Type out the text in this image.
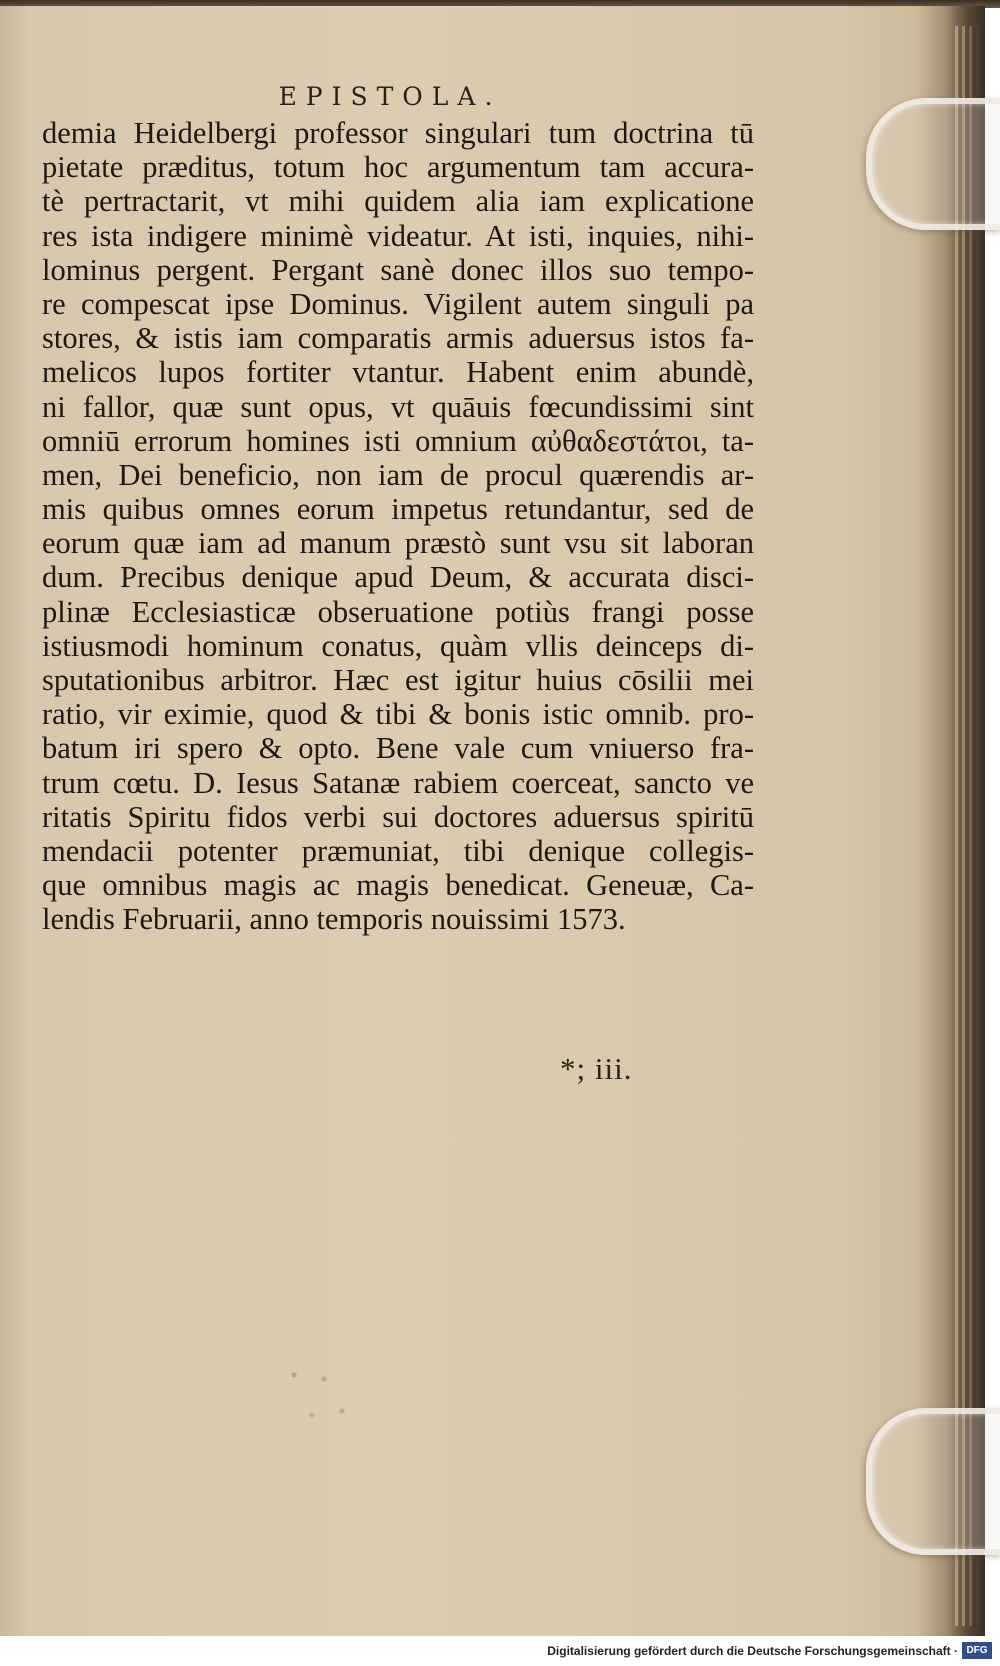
EPISTOLA.
demia Heidelbergi professor singulari tum doctrina tū
pietate præditus, totum hoc argumentum tam accura-
tè pertractarit, vt mihi quidem alia iam explicatione
res ista indigere minimè videatur. At isti, inquies, nihi-
lominus pergent. Pergant sanè donec illos suo tempo-
re compescat ipse Dominus. Vigilent autem singuli pa
stores, & istis iam comparatis armis aduersus istos fa-
melicos lupos fortiter vtantur. Habent enim abundè,
ni fallor, quæ sunt opus, vt quāuis fœcundissimi sint
omniū errorum homines isti omnium αὐθαδεστάτοι, ta-
men, Dei beneficio, non iam de procul quærendis ar-
mis quibus omnes eorum impetus retundantur, sed de
eorum quæ iam ad manum præstò sunt vsu sit laboran
dum. Precibus denique apud Deum, & accurata disci-
plinæ Ecclesiasticæ obseruatione potiùs frangi posse
istiusmodi hominum conatus, quàm vllis deinceps di-
sputationibus arbitror. Hæc est igitur huius cōsilii mei
ratio, vir eximie, quod & tibi & bonis istic omnib. pro-
batum iri spero & opto. Bene vale cum vniuerso fra-
trum cœtu. D. Iesus Satanæ rabiem coerceat, sancto ve
ritatis Spiritu fidos verbi sui doctores aduersus spiritū
mendacii potenter præmuniat, tibi denique collegis-
que omnibus magis ac magis benedicat. Geneuæ, Ca-
lendis Februarii, anno temporis nouissimi 1573.
*; iii.
Digitalisierung gefördert durch die Deutsche Forschungsgemeinschaft · DFG
